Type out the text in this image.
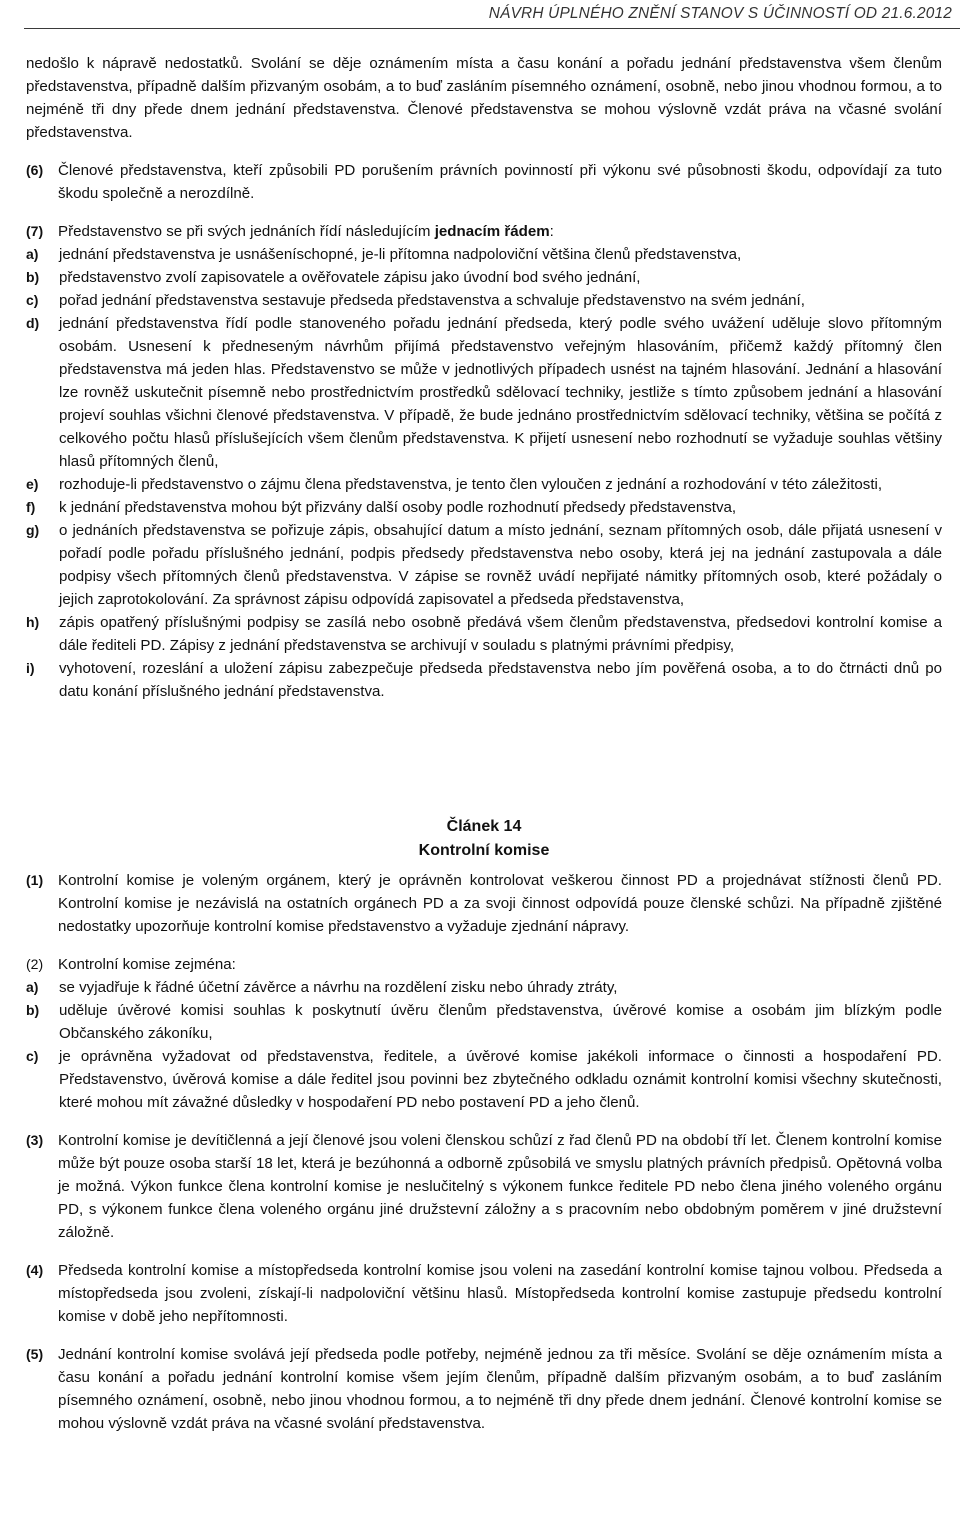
NÁVRH ÚPLNÉHO ZNĚNÍ STANOV S ÚČINNOSTÍ OD 21.6.2012

nedošlo k nápravě nedostatků. Svolání se děje oznámením místa a času konání a pořadu jednání představenstva všem členům představenstva, případně dalším přizvaným osobám, a to buď zasláním písemného oznámení, osobně, nebo jinou vhodnou formou, a to nejméně tři dny přede dnem jednání představenstva. Členové představenstva se mohou výslovně vzdát práva na včasné svolání představenstva.

(6) Členové představenstva, kteří způsobili PD porušením právních povinností při výkonu své působnosti škodu, odpovídají za tuto škodu společně a nerozdílně.
(7) Představenstvo se při svých jednáních řídí následujícím jednacím řádem:
a) jednání představenstva je usnášeníschopné, je-li přítomna nadpoloviční většina členů představenstva,
b) představenstvo zvolí zapisovatele a ověřovatele zápisu jako úvodní bod svého jednání,
c) pořad jednání představenstva sestavuje předseda představenstva a schvaluje představenstvo na svém jednání,
d) jednání představenstva řídí podle stanoveného pořadu jednání předseda, který podle svého uvážení uděluje slovo přítomným osobám. Usnesení k předneseným návrhům přijímá představenstvo veřejným hlasováním, přičemž každý přítomný člen představenstva má jeden hlas. Představenstvo se může v jednotlivých případech usnést na tajném hlasování. Jednání a hlasování lze rovněž uskutečnit písemně nebo prostřednictvím prostředků sdělovací techniky, jestliže s tímto způsobem jednání a hlasování projeví souhlas všichni členové představenstva. V případě, že bude jednáno prostřednictvím sdělovací techniky, většina se počítá z celkového počtu hlasů příslušejících všem členům představenstva. K přijetí usnesení nebo rozhodnutí se vyžaduje souhlas většiny hlasů přítomných členů,
e) rozhoduje-li představenstvo o zájmu člena představenstva, je tento člen vyloučen z jednání a rozhodování v této záležitosti,
f) k jednání představenstva mohou být přizvány další osoby podle rozhodnutí předsedy představenstva,
g) o jednáních představenstva se pořizuje zápis, obsahující datum a místo jednání, seznam přítomných osob, dále přijatá usnesení v pořadí podle pořadu příslušného jednání, podpis předsedy představenstva nebo osoby, která jej na jednání zastupovala a dále podpisy všech přítomných členů představenstva. V zápise se rovněž uvádí nepřijaté námitky přítomných osob, které požádaly o jejich zaprotokolování. Za správnost zápisu odpovídá zapisovatel a předseda představenstva,
h) zápis opatřený příslušnými podpisy se zasílá nebo osobně předává všem členům představenstva, předsedovi kontrolní komise a dále řediteli PD. Zápisy z jednání představenstva se archivují v souladu s platnými právními předpisy,
i) vyhotovení, rozeslání a uložení zápisu zabezpečuje předseda představenstva nebo jím pověřená osoba, a to do čtrnácti dnů po datu konání příslušného jednání představenstva.
Článek 14
Kontrolní komise
(1) Kontrolní komise je voleným orgánem, který je oprávněn kontrolovat veškerou činnost PD a projednávat stížnosti členů PD. Kontrolní komise je nezávislá na ostatních orgánech PD a za svoji činnost odpovídá pouze členské schůzi. Na případně zjištěné nedostatky upozorňuje kontrolní komise představenstvo a vyžaduje zjednání nápravy.
(2) Kontrolní komise zejména:
a) se vyjadřuje k řádné účetní závěrce a návrhu na rozdělení zisku nebo úhrady ztráty,
b) uděluje úvěrové komisi souhlas k poskytnutí úvěru členům představenstva, úvěrové komise a osobám jim blízkým podle Občanského zákoníku,
c) je oprávněna vyžadovat od představenstva, ředitele, a úvěrové komise jakékoli informace o činnosti a hospodaření PD. Představenstvo, úvěrová komise a dále ředitel jsou povinni bez zbytečného odkladu oznámit kontrolní komisi všechny skutečnosti, které mohou mít závažné důsledky v hospodaření PD nebo postavení PD a jeho členů.
(3) Kontrolní komise je devítičlenná a její členové jsou voleni členskou schůzí z řad členů PD na období tří let. Členem kontrolní komise může být pouze osoba starší 18 let, která je bezúhonná a odborně způsobilá ve smyslu platných právních předpisů. Opětovná volba je možná. Výkon funkce člena kontrolní komise je neslučitelný s výkonem funkce ředitele PD nebo člena jiného voleného orgánu PD, s výkonem funkce člena voleného orgánu jiné družstevní záložny a s pracovním nebo obdobným poměrem v jiné družstevní záložně.
(4) Předseda kontrolní komise a místopředseda kontrolní komise jsou voleni na zasedání kontrolní komise tajnou volbou. Předseda a místopředseda jsou zvoleni, získají-li nadpoloviční většinu hlasů. Místopředseda kontrolní komise zastupuje předsedu kontrolní komise v době jeho nepřítomnosti.
(5) Jednání kontrolní komise svolává její předseda podle potřeby, nejméně jednou za tři měsíce. Svolání se děje oznámením místa a času konání a pořadu jednání kontrolní komise všem jejím členům, případně dalším přizvaným osobám, a to buď zasláním písemného oznámení, osobně, nebo jinou vhodnou formou, a to nejméně tři dny přede dnem jednání. Členové kontrolní komise se mohou výslovně vzdát práva na včasné svolání představenstva.
